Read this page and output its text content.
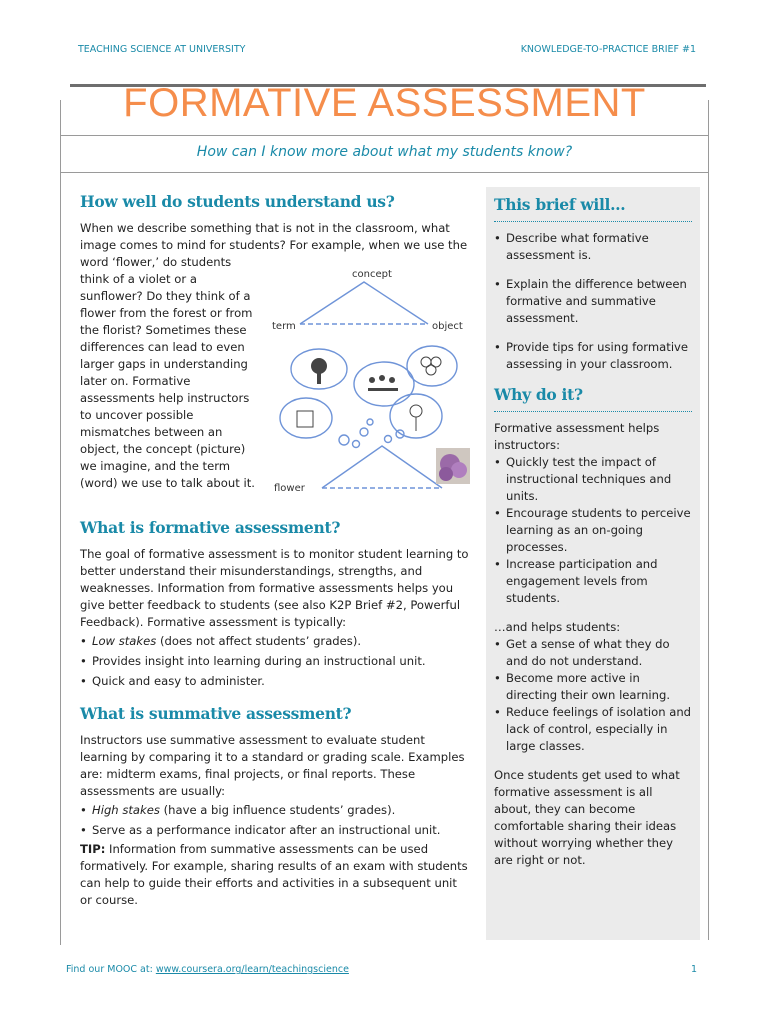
TEACHING SCIENCE AT UNIVERSITY	KNOWLEDGE-TO-PRACTICE BRIEF #1
FORMATIVE ASSESSMENT
How can I know more about what my students know?
How well do students understand us?
concept
term	object
flower

When we describe something that is not in the classroom, what image comes to mind for students? For example, when we use the word ‘flower,’ do students think of a violet or a sunflower? Do they think of a flower from the forest or from the florist? Sometimes these differences can lead to even larger gaps in understanding later on. Formative assessments help instructors to uncover possible mismatches between an object, the concept (picture) we imagine, and the term (word) we use to talk about it.

What is formative assessment?

The goal of formative assessment is to monitor student learning to better understand their misunderstandings, strengths, and weaknesses. Information from formative assessments helps you give better feedback to students (see also K2P Brief #2, Powerful Feedback). Formative assessment is typically:

• Low stakes (does not affect students’ grades).
• Provides insight into learning during an instructional unit.
• Quick and easy to administer.
What is summative assessment?

Instructors use summative assessment to evaluate student learning by comparing it to a standard or grading scale. Examples are: midterm exams, final projects, or final reports. These assessments are usually:

• High stakes (have a big influence students’ grades).
• Serve as a performance indicator after an instructional unit.

TIP: Information from summative assessments can be used formatively. For example, sharing results of an exam with students can help to guide their efforts and activities in a subsequent unit or course.

This brief will…
• Describe what formative assessment is.
• Explain the difference between formative and summative assessment.
• Provide tips for using formative assessing in your classroom.
Why do it?

Formative assessment helps instructors:

• Quickly test the impact of instructional techniques and units.
• Encourage students to perceive learning as an on-going processes.
• Increase participation and engagement levels from students.

…and helps students:

• Get a sense of what they do and do not understand.
• Become more active in directing their own learning.
• Reduce feelings of isolation and lack of control, especially in large classes.

Once students get used to what formative assessment is all about, they can become comfortable sharing their ideas without worrying whether they are right or not.

Find our MOOC at: www.coursera.org/learn/teachingscience	1
